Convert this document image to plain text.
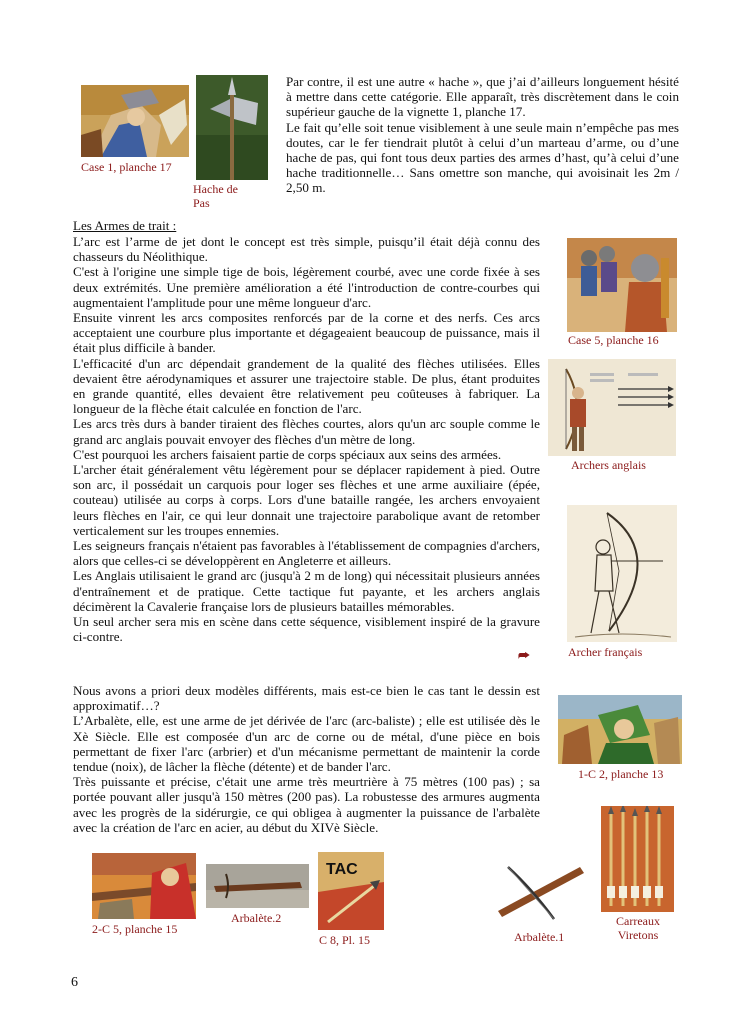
Case 1, planche 17
Hache de
Pas

Par contre, il est une autre « hache », que j’ai d’ailleurs longuement hésité à mettre dans cette catégorie. Elle apparaît, très discrètement dans le coin supérieur gauche de la vignette 1, planche 17.

Le fait qu’elle soit tenue visiblement à une seule main n’empêche pas mes doutes, car le fer tiendrait plutôt à celui d’un marteau d’arme, ou d’une hache de pas, qui font tous deux parties des armes d’hast, qu’à celui d’une hache traditionnelle… Sans omettre son manche, qui avoisinait les 2m / 2,50 m.

Les Armes de trait :

L’arc est l’arme de jet dont le concept est très simple, puisqu’il était déjà connu des chasseurs du Néolithique.

C'est à l'origine une simple tige de bois, légèrement courbé, avec une corde fixée à ses deux extrémités. Une première amélioration a été l'introduction de contre-courbes qui augmentaient l'amplitude pour une même longueur d'arc.

Ensuite vinrent les arcs composites renforcés par de la corne et des nerfs. Ces arcs acceptaient une courbure plus importante et dégageaient beaucoup de puissance, mais il était plus difficile à bander.

L'efficacité d'un arc dépendait grandement de la qualité des flèches utilisées. Elles devaient être aérodynamiques et assurer une trajectoire stable. De plus, étant produites en grande quantité, elles devaient être relativement peu coûteuses à fabriquer. La longueur de la flèche était calculée en fonction de l'arc.

Les arcs très durs à bander tiraient des flèches courtes, alors qu'un arc souple comme le grand arc anglais pouvait envoyer des flèches d'un mètre de long.

C'est pourquoi les archers faisaient partie de corps spéciaux aux seins des armées.

L'archer était généralement vêtu légèrement pour se déplacer rapidement à pied. Outre son arc, il possédait un carquois pour loger ses flèches et une arme auxiliaire (épée, couteau) utilisée au corps à corps. Lors d'une bataille rangée, les archers envoyaient leurs flèches en l'air, ce qui leur donnait une trajectoire parabolique avant de retomber verticalement sur les troupes ennemies.

Les seigneurs français n'étaient pas favorables à l'établissement de compagnies d'archers, alors que celles-ci se développèrent en Angleterre et ailleurs.

Les Anglais utilisaient le grand arc (jusqu'à 2 m de long) qui nécessitait plusieurs années d'entraînement et de pratique. Cette tactique fut payante, et les archers anglais décimèrent la Cavalerie française lors de plusieurs batailles mémorables.

Un seul archer sera mis en scène dans cette séquence, visiblement inspiré de la gravure ci-contre.

⮫

Nous avons a priori deux modèles différents, mais est-ce bien le cas tant le dessin est approximatif…?

L’Arbalète, elle, est une arme de jet dérivée de l'arc (arc-baliste) ; elle est utilisée dès le Xè Siècle. Elle est composée d'un arc de corne ou de métal, d'une pièce en bois permettant de fixer l'arc (arbrier) et d'un mécanisme permettant de maintenir la corde tendue (noix), de lâcher la flèche (détente) et de bander l'arc.

Très puissante et précise, c'était une arme très meurtrière à 75 mètres (100 pas) ; sa portée pouvant aller jusqu'à 150 mètres (200 pas). La robustesse des armures augmenta avec les progrès de la sidérurgie, ce qui obligea à augmenter la puissance de l'arbalète avec la création de l'arc en acier, au début du XIVè Siècle.

Case 5, planche 16
Archers anglais
Archer français
1-C 2, planche 13
Carreaux
Viretons
2-C 5, planche 15
Arbalète.2
TAC
C 8, Pl. 15	Arbalète.1
6
